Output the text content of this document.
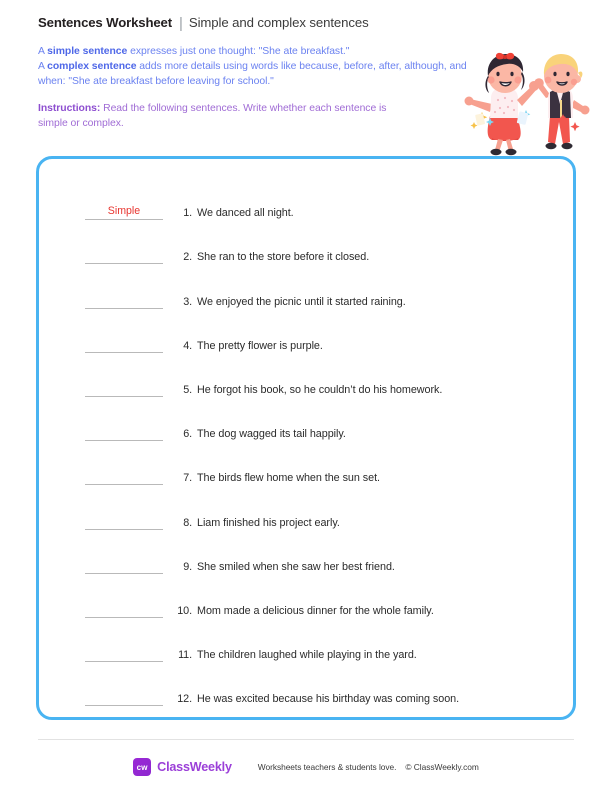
Sentences Worksheet | Simple and complex sentences
A simple sentence expresses just one thought: "She ate breakfast."
A complex sentence adds more details using words like because, before, after, although, and when: "She ate breakfast before leaving for school."
Instructions: Read the following sentences. Write whether each sentence is simple or complex.
Simple	1. We danced all night.
2. She ran to the store before it closed.
3. We enjoyed the picnic until it started raining.
4. The pretty flower is purple.
5. He forgot his book, so he couldn’t do his homework.
6. The dog wagged its tail happily.
7. The birds flew home when the sun set.
8. Liam finished his project early.
9. She smiled when she saw her best friend.
10. Mom made a delicious dinner for the whole family.
11. The children laughed while playing in the yard.
12. He was excited because his birthday was coming soon.
cw ClassWeekly	Worksheets teachers & students love. © ClassWeekly.com
